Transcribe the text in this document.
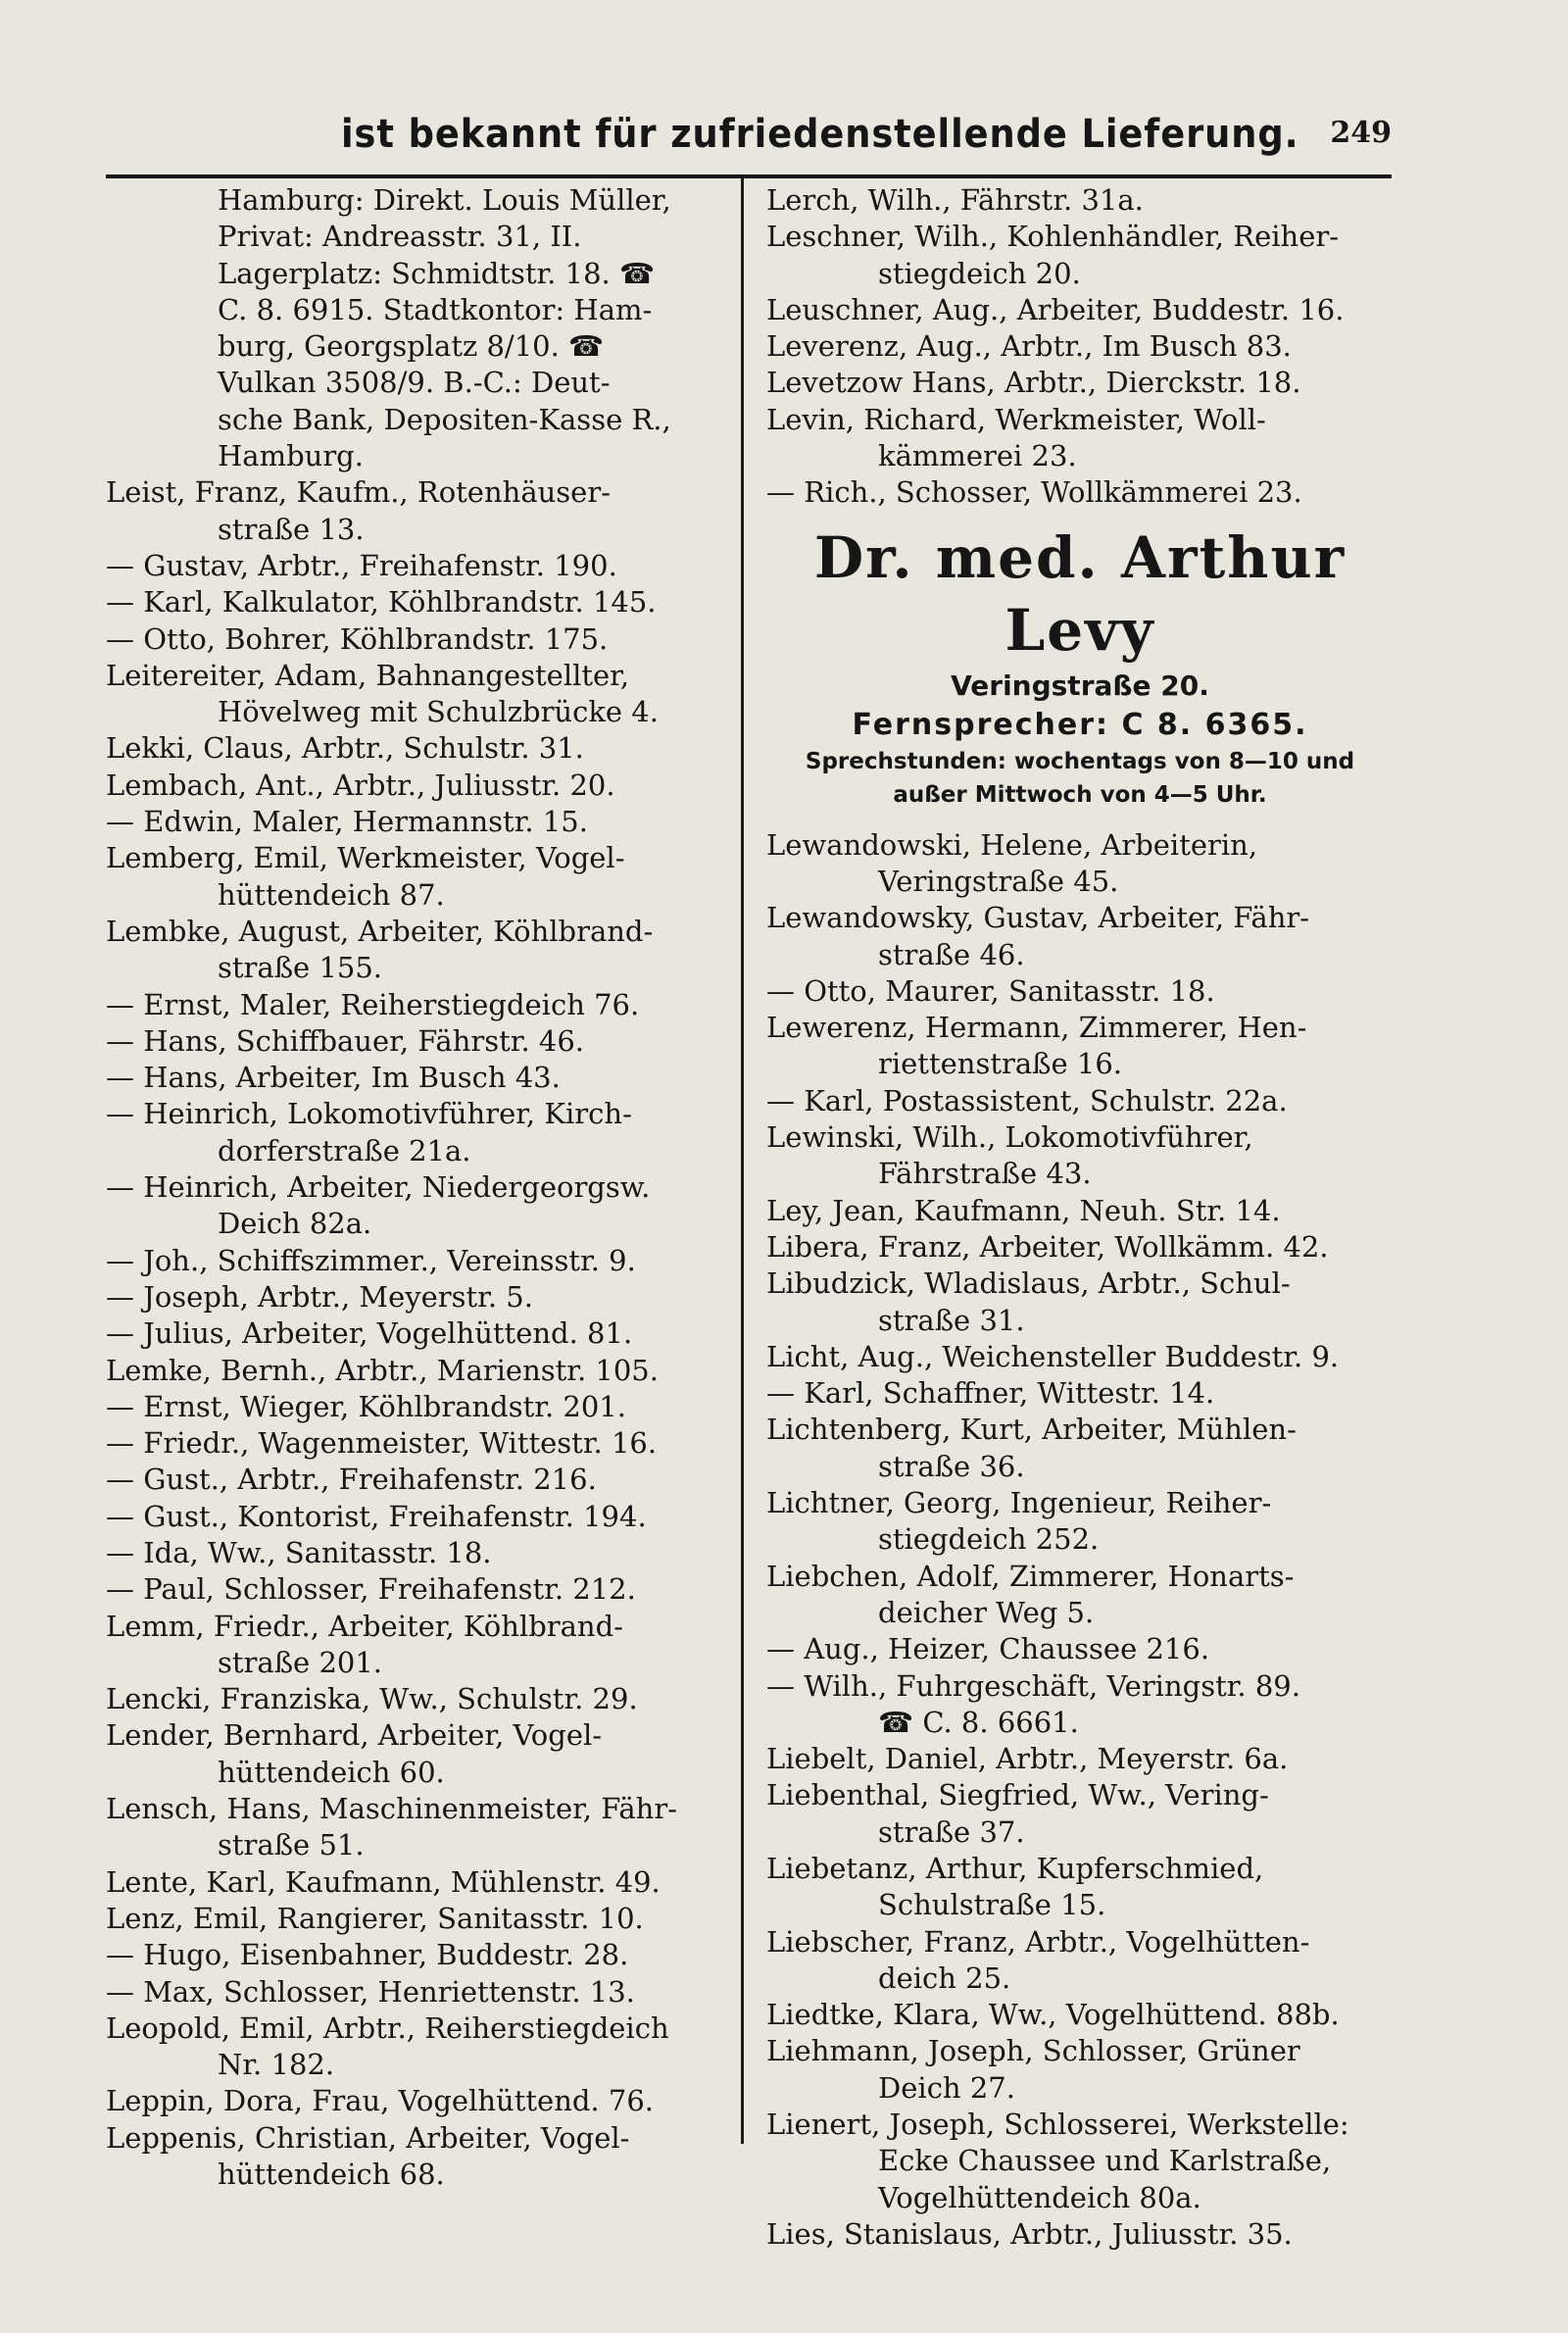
ist bekannt für zufriedenstellende Lieferung. 249
Hamburg: Direkt. Louis Müller,
Privat: Andreasstr. 31, II.
Lagerplatz: Schmidtstr. 18. ☎
C. 8. 6915. Stadtkontor: Ham-
burg, Georgsplatz 8/10. ☎
Vulkan 3508/9. B.-C.: Deut-
sche Bank, Depositen-Kasse R.,
Hamburg.
Leist, Franz, Kaufm., Rotenhäuser-
straße 13.
— Gustav, Arbtr., Freihafenstr. 190.
— Karl, Kalkulator, Köhlbrandstr. 145.
— Otto, Bohrer, Köhlbrandstr. 175.
Leitereiter, Adam, Bahnangestellter,
Hövelweg mit Schulzbrücke 4.
Lekki, Claus, Arbtr., Schulstr. 31.
Lembach, Ant., Arbtr., Juliusstr. 20.
— Edwin, Maler, Hermannstr. 15.
Lemberg, Emil, Werkmeister, Vogel-
hüttendeich 87.
Lembke, August, Arbeiter, Köhlbrand-
straße 155.
— Ernst, Maler, Reiherstiegdeich 76.
— Hans, Schiffbauer, Fährstr. 46.
— Hans, Arbeiter, Im Busch 43.
— Heinrich, Lokomotivführer, Kirch-
dorferstraße 21a.
— Heinrich, Arbeiter, Niedergeorgsw.
Deich 82a.
— Joh., Schiffszimmer., Vereinsstr. 9.
— Joseph, Arbtr., Meyerstr. 5.
— Julius, Arbeiter, Vogelhüttend. 81.
Lemke, Bernh., Arbtr., Marienstr. 105.
— Ernst, Wieger, Köhlbrandstr. 201.
— Friedr., Wagenmeister, Wittestr. 16.
— Gust., Arbtr., Freihafenstr. 216.
— Gust., Kontorist, Freihafenstr. 194.
— Ida, Ww., Sanitasstr. 18.
— Paul, Schlosser, Freihafenstr. 212.
Lemm, Friedr., Arbeiter, Köhlbrand-
straße 201.
Lencki, Franziska, Ww., Schulstr. 29.
Lender, Bernhard, Arbeiter, Vogel-
hüttendeich 60.
Lensch, Hans, Maschinenmeister, Fähr-
straße 51.
Lente, Karl, Kaufmann, Mühlenstr. 49.
Lenz, Emil, Rangierer, Sanitasstr. 10.
— Hugo, Eisenbahner, Buddestr. 28.
— Max, Schlosser, Henriettenstr. 13.
Leopold, Emil, Arbtr., Reiherstiegdeich
Nr. 182.
Leppin, Dora, Frau, Vogelhüttend. 76.
Leppenis, Christian, Arbeiter, Vogel-
hüttendeich 68.
Lerch, Wilh., Fährstr. 31a.
Leschner, Wilh., Kohlenhändler, Reiher-
stiegdeich 20.
Leuschner, Aug., Arbeiter, Buddestr. 16.
Leverenz, Aug., Arbtr., Im Busch 83.
Levetzow Hans, Arbtr., Dierckstr. 18.
Levin, Richard, Werkmeister, Woll-
kämmerei 23.
— Rich., Schosser, Wollkämmerei 23.
Dr. med. Arthur Levy
Veringstraße 20.
Fernsprecher: C 8. 6365.
Sprechstunden: wochentags von 8—10 und
außer Mittwoch von 4—5 Uhr.
Lewandowski, Helene, Arbeiterin,
Veringstraße 45.
Lewandowsky, Gustav, Arbeiter, Fähr-
straße 46.
— Otto, Maurer, Sanitasstr. 18.
Lewerenz, Hermann, Zimmerer, Hen-
riettenstraße 16.
— Karl, Postassistent, Schulstr. 22a.
Lewinski, Wilh., Lokomotivführer,
Fährstraße 43.
Ley, Jean, Kaufmann, Neuh. Str. 14.
Libera, Franz, Arbeiter, Wollkämm. 42.
Libudzick, Wladislaus, Arbtr., Schul-
straße 31.
Licht, Aug., Weichensteller Buddestr. 9.
— Karl, Schaffner, Wittestr. 14.
Lichtenberg, Kurt, Arbeiter, Mühlen-
straße 36.
Lichtner, Georg, Ingenieur, Reiher-
stiegdeich 252.
Liebchen, Adolf, Zimmerer, Honarts-
deicher Weg 5.
— Aug., Heizer, Chaussee 216.
— Wilh., Fuhrgeschäft, Veringstr. 89.
☎ C. 8. 6661.
Liebelt, Daniel, Arbtr., Meyerstr. 6a.
Liebenthal, Siegfried, Ww., Vering-
straße 37.
Liebetanz, Arthur, Kupferschmied,
Schulstraße 15.
Liebscher, Franz, Arbtr., Vogelhütten-
deich 25.
Liedtke, Klara, Ww., Vogelhüttend. 88b.
Liehmann, Joseph, Schlosser, Grüner
Deich 27.
Lienert, Joseph, Schlosserei, Werkstelle:
Ecke Chaussee und Karlstraße,
Vogelhüttendeich 80a.
Lies, Stanislaus, Arbtr., Juliusstr. 35.
